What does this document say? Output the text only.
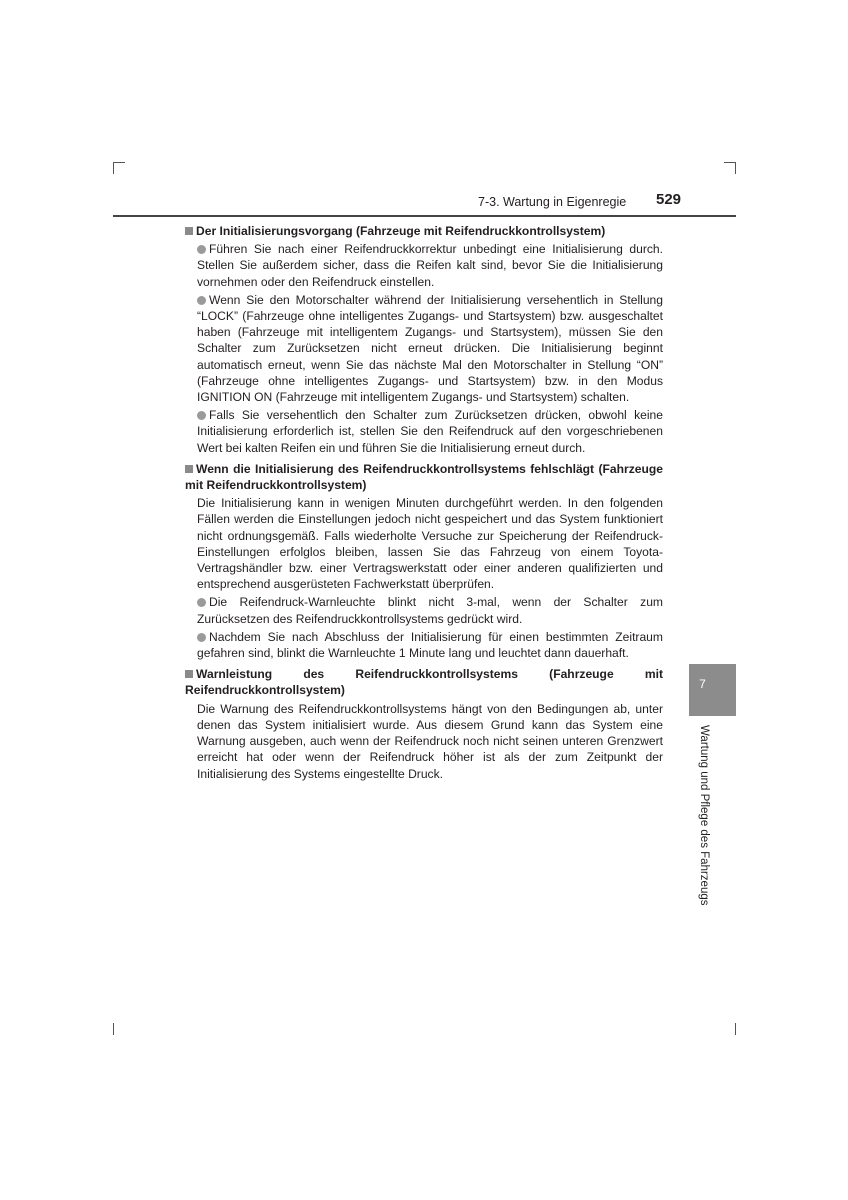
7-3. Wartung in Eigenregie 529
Der Initialisierungsvorgang (Fahrzeuge mit Reifendruckkontrollsystem)
Führen Sie nach einer Reifendruckkorrektur unbedingt eine Initialisierung durch. Stellen Sie außerdem sicher, dass die Reifen kalt sind, bevor Sie die Initialisierung vornehmen oder den Reifendruck einstellen.
Wenn Sie den Motorschalter während der Initialisierung versehentlich in Stellung “LOCK” (Fahrzeuge ohne intelligentes Zugangs- und Startsystem) bzw. ausgeschaltet haben (Fahrzeuge mit intelligentem Zugangs- und Startsystem), müssen Sie den Schalter zum Zurücksetzen nicht erneut drücken. Die Initialisierung beginnt automatisch erneut, wenn Sie das nächste Mal den Motorschalter in Stellung “ON” (Fahrzeuge ohne intelligentes Zugangs- und Startsystem) bzw. in den Modus IGNITION ON (Fahrzeuge mit intelligentem Zugangs- und Startsystem) schalten.
Falls Sie versehentlich den Schalter zum Zurücksetzen drücken, obwohl keine Initialisierung erforderlich ist, stellen Sie den Reifendruck auf den vorgeschriebenen Wert bei kalten Reifen ein und führen Sie die Initialisierung erneut durch.
Wenn die Initialisierung des Reifendruckkontrollsystems fehlschlägt (Fahrzeuge mit Reifendruckkontrollsystem)
Die Initialisierung kann in wenigen Minuten durchgeführt werden. In den folgenden Fällen werden die Einstellungen jedoch nicht gespeichert und das System funktioniert nicht ordnungsgemäß. Falls wiederholte Versuche zur Speicherung der Reifendruck-Einstellungen erfolglos bleiben, lassen Sie das Fahrzeug von einem Toyota-Vertragshändler bzw. einer Vertragswerkstatt oder einer anderen qualifizierten und entsprechend ausgerüsteten Fachwerkstatt überprüfen.
Die Reifendruck-Warnleuchte blinkt nicht 3-mal, wenn der Schalter zum Zurücksetzen des Reifendruckkontrollsystems gedrückt wird.
Nachdem Sie nach Abschluss der Initialisierung für einen bestimmten Zeitraum gefahren sind, blinkt die Warnleuchte 1 Minute lang und leuchtet dann dauerhaft.
Warnleistung des Reifendruckkontrollsystems (Fahrzeuge mit Reifendruckkontrollsystem)
Die Warnung des Reifendruckkontrollsystems hängt von den Bedingungen ab, unter denen das System initialisiert wurde. Aus diesem Grund kann das System eine Warnung ausgeben, auch wenn der Reifendruck noch nicht seinen unteren Grenzwert erreicht hat oder wenn der Reifendruck höher ist als der zum Zeitpunkt der Initialisierung des Systems eingestellte Druck.
7
Wartung und Pflege des Fahrzeugs
